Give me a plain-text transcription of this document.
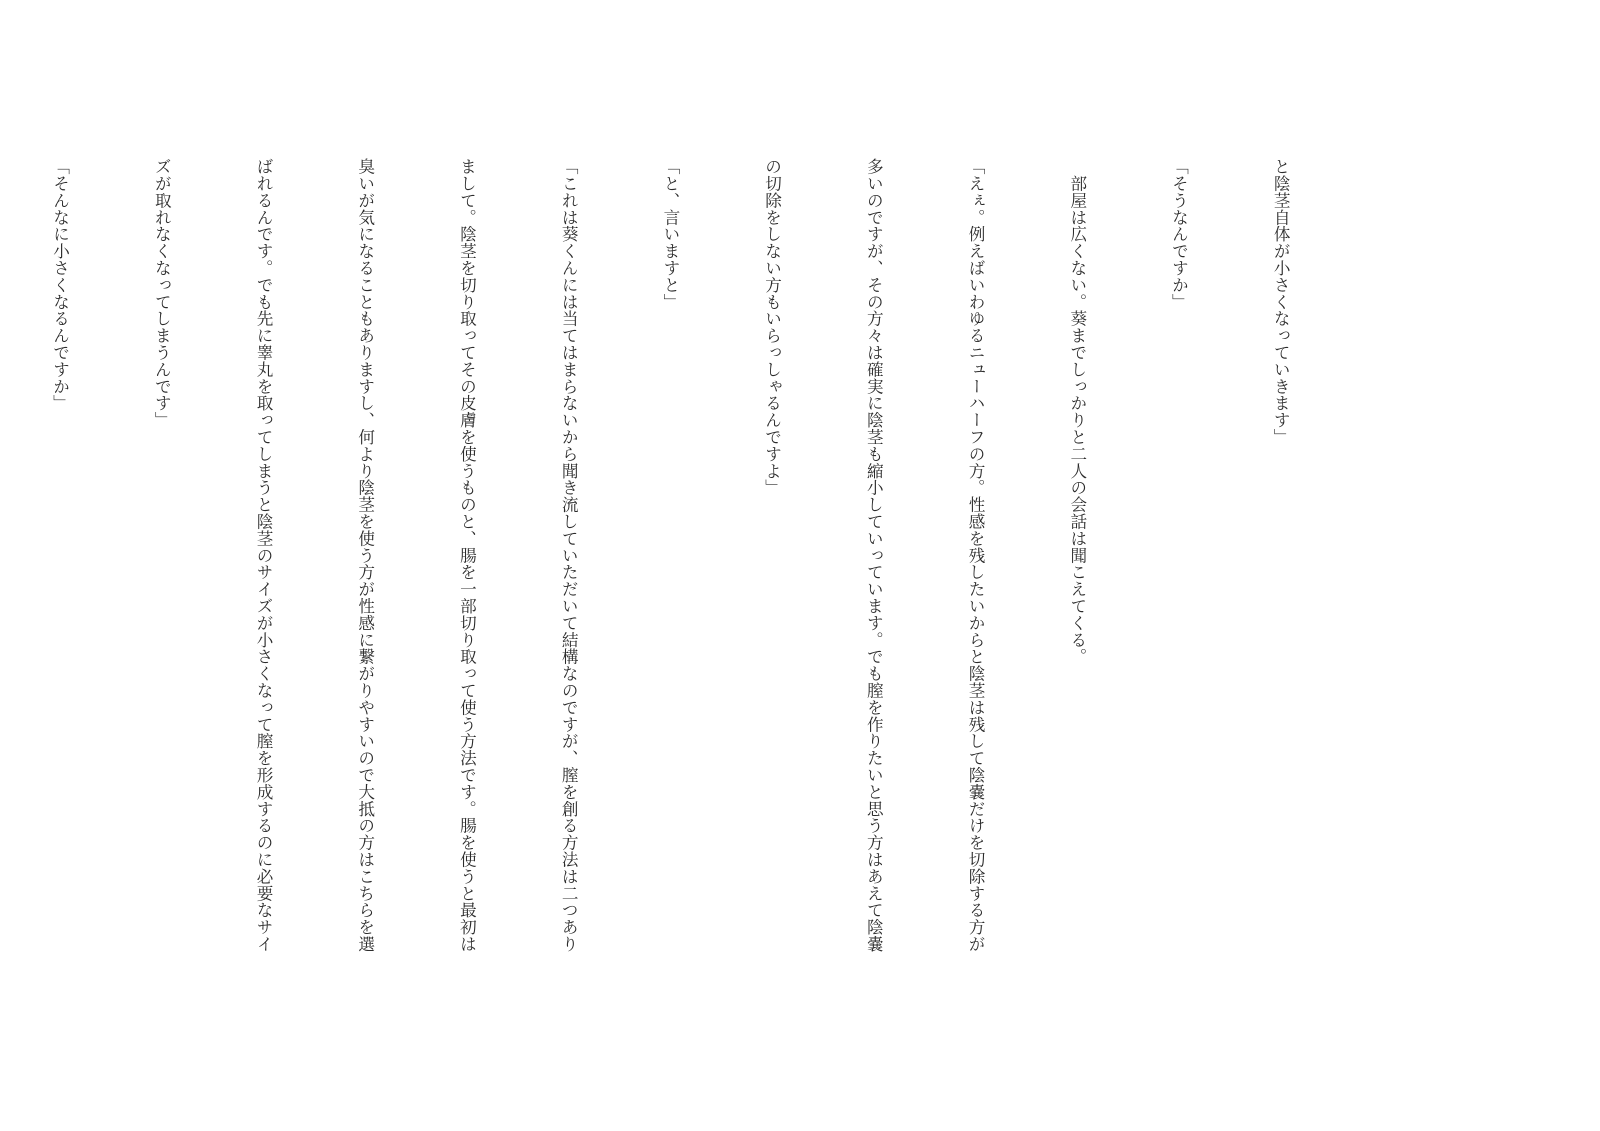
と陰茎自体が小さくなっていきます」

「そうなんですか」

　部屋は広くない。葵までしっかりと二人の会話は聞こえてくる。

「えぇ。例えばいわゆるニューハーフの方。性感を残したいからと陰茎は残して陰嚢だけを切除する方が

多いのですが、その方々は確実に陰茎も縮小していっています。でも膣を作りたいと思う方はあえて陰嚢

の切除をしない方もいらっしゃるんですよ」

「と、言いますと」

「これは葵くんには当てはまらないから聞き流していただいて結構なのですが、膣を創る方法は二つあり

まして。陰茎を切り取ってその皮膚を使うものと、腸を一部切り取って使う方法です。腸を使うと最初は

臭いが気になることもありますし、何より陰茎を使う方が性感に繋がりやすいので大抵の方はこちらを選

ばれるんです。でも先に睾丸を取ってしまうと陰茎のサイズが小さくなって膣を形成するのに必要なサイ

ズが取れなくなってしまうんです」

「そんなに小さくなるんですか」
